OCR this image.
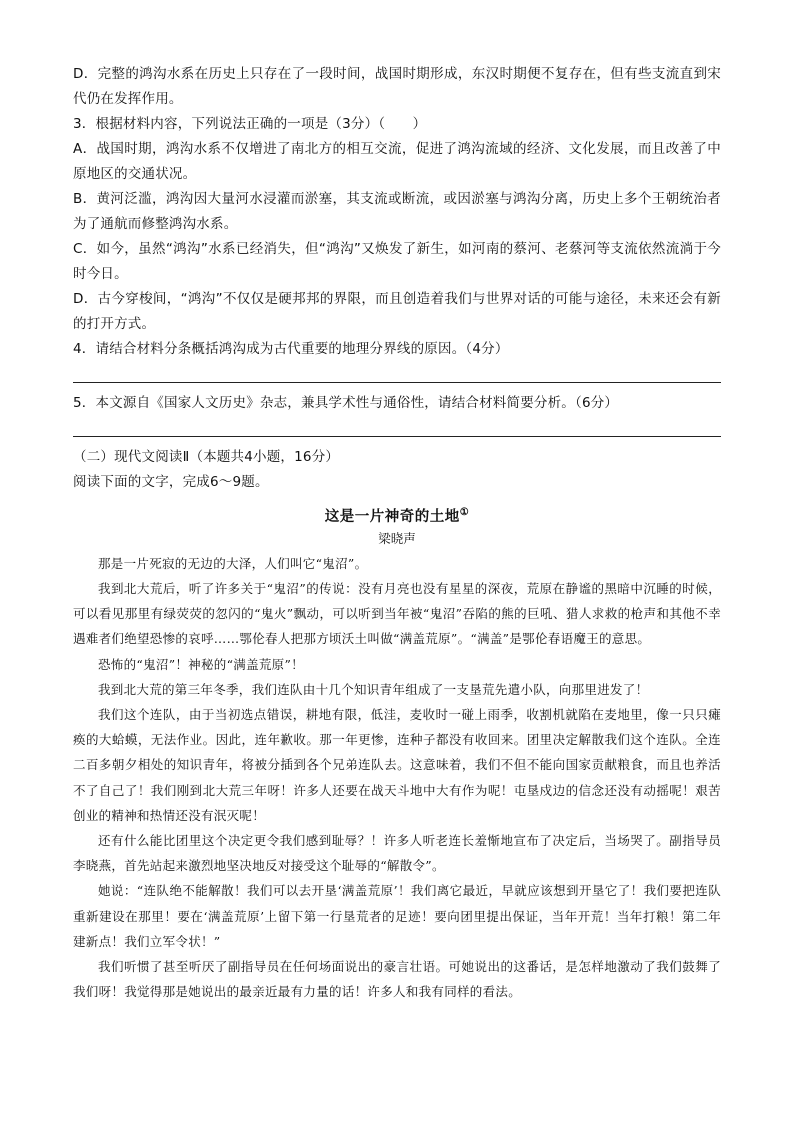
D．完整的鸿沟水系在历史上只存在了一段时间，战国时期形成，东汉时期便不复存在，但有些支流直到宋代仍在发挥作用。

3．根据材料内容，下列说法正确的一项是（3分）（　　）

A．战国时期，鸿沟水系不仅增进了南北方的相互交流，促进了鸿沟流域的经济、文化发展，而且改善了中原地区的交通状况。

B．黄河泛滥，鸿沟因大量河水浸灌而淤塞，其支流或断流，或因淤塞与鸿沟分离，历史上多个王朝统治者为了通航而修整鸿沟水系。

C．如今，虽然“鸿沟”水系已经消失，但“鸿沟”又焕发了新生，如河南的蔡河、老蔡河等支流依然流淌于今时今日。

D．古今穿梭间，“鸿沟”不仅仅是硬邦邦的界限，而且创造着我们与世界对话的可能与途径，未来还会有新的打开方式。

4．请结合材料分条概括鸿沟成为古代重要的地理分界线的原因。（4分）

5．本文源自《国家人文历史》杂志，兼具学术性与通俗性，请结合材料简要分析。（6分）

（二）现代文阅读Ⅱ（本题共4小题，16分）

阅读下面的文字，完成6～9题。

这是一片神奇的土地①
梁晓声

那是一片死寂的无边的大泽，人们叫它“鬼沼”。

我到北大荒后，听了许多关于“鬼沼”的传说：没有月亮也没有星星的深夜，荒原在静谧的黑暗中沉睡的时候，可以看见那里有绿荧荧的忽闪的“鬼火”飘动，可以听到当年被“鬼沼”吞陷的熊的巨吼、猎人求救的枪声和其他不幸遇难者们绝望恐惨的哀呼……鄂伦春人把那方顷沃土叫做“满盖荒原”。“满盖”是鄂伦春语魔王的意思。

恐怖的“鬼沼”！神秘的“满盖荒原”！

我到北大荒的第三年冬季，我们连队由十几个知识青年组成了一支垦荒先遣小队，向那里进发了！

我们这个连队，由于当初选点错误，耕地有限，低洼，麦收时一碰上雨季，收割机就陷在麦地里，像一只只瘫痪的大蛤蟆，无法作业。因此，连年歉收。那一年更惨，连种子都没有收回来。团里决定解散我们这个连队。全连二百多朝夕相处的知识青年，将被分插到各个兄弟连队去。这意味着，我们不但不能向国家贡献粮食，而且也养活不了自己了！我们刚到北大荒三年呀！许多人还要在战天斗地中大有作为呢！屯垦戍边的信念还没有动摇呢！艰苦创业的精神和热情还没有泯灭呢！

还有什么能比团里这个决定更令我们感到耻辱？！许多人听老连长羞惭地宣布了决定后，当场哭了。副指导员李晓燕，首先站起来激烈地坚决地反对接受这个耻辱的“解散令”。

她说：“连队绝不能解散！我们可以去开垦‘满盖荒原’！我们离它最近，早就应该想到开垦它了！我们要把连队重新建设在那里！要在‘满盖荒原’上留下第一行垦荒者的足迹！要向团里提出保证，当年开荒！当年打粮！第二年建新点！我们立军令状！”

我们听惯了甚至听厌了副指导员在任何场面说出的豪言壮语。可她说出的这番话，是怎样地激动了我们鼓舞了我们呀！我觉得那是她说出的最亲近最有力量的话！许多人和我有同样的看法。
